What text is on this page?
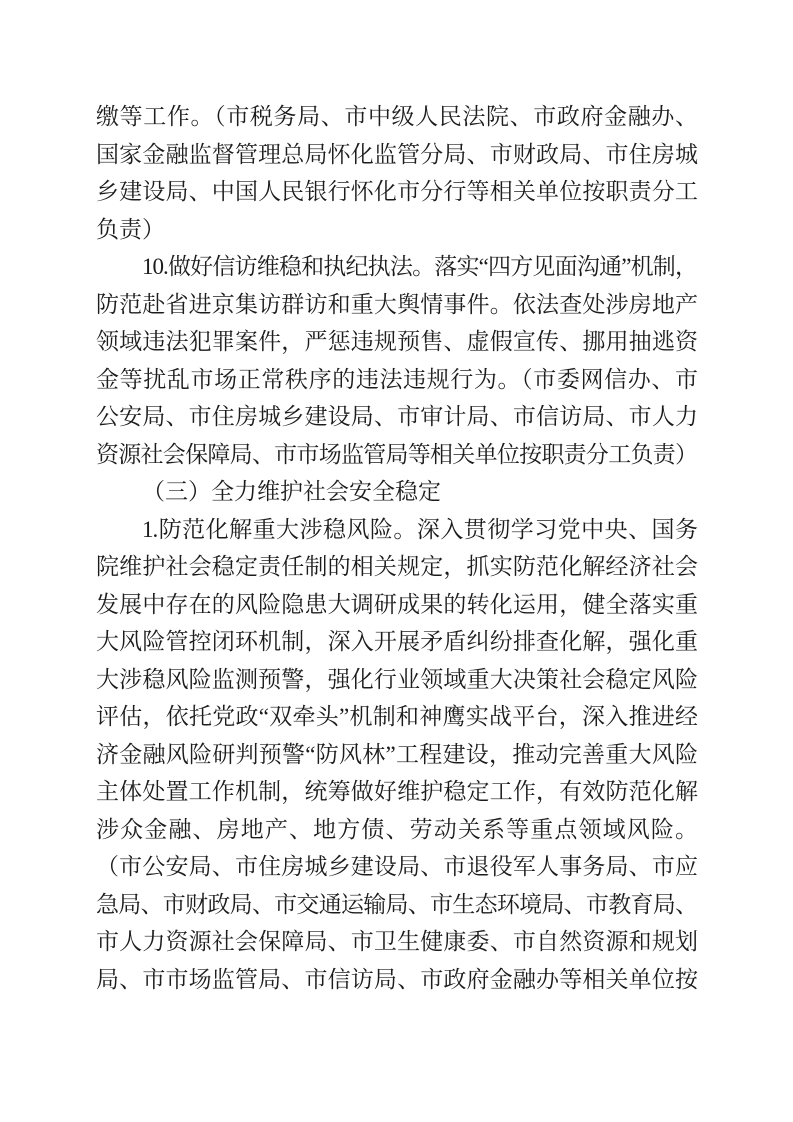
缴等工作。（市税务局、市中级人民法院、市政府金融办、
国家金融监督管理总局怀化监管分局、市财政局、市住房城
乡建设局、中国人民银行怀化市分行等相关单位按职责分工
负责）
10.做好信访维稳和执纪执法。落实“四方见面沟通”机制，
防范赴省进京集访群访和重大舆情事件。依法查处涉房地产
领域违法犯罪案件，严惩违规预售、虚假宣传、挪用抽逃资
金等扰乱市场正常秩序的违法违规行为。（市委网信办、市
公安局、市住房城乡建设局、市审计局、市信访局、市人力
资源社会保障局、市市场监管局等相关单位按职责分工负责）
（三）全力维护社会安全稳定
1.防范化解重大涉稳风险。深入贯彻学习党中央、国务
院维护社会稳定责任制的相关规定，抓实防范化解经济社会
发展中存在的风险隐患大调研成果的转化运用，健全落实重
大风险管控闭环机制，深入开展矛盾纠纷排查化解，强化重
大涉稳风险监测预警，强化行业领域重大决策社会稳定风险
评估，依托党政“双牵头”机制和神鹰实战平台，深入推进经
济金融风险研判预警“防风林”工程建设，推动完善重大风险
主体处置工作机制，统筹做好维护稳定工作，有效防范化解
涉众金融、房地产、地方债、劳动关系等重点领域风险。
（市公安局、市住房城乡建设局、市退役军人事务局、市应
急局、市财政局、市交通运输局、市生态环境局、市教育局、
市人力资源社会保障局、市卫生健康委、市自然资源和规划
局、市市场监管局、市信访局、市政府金融办等相关单位按
